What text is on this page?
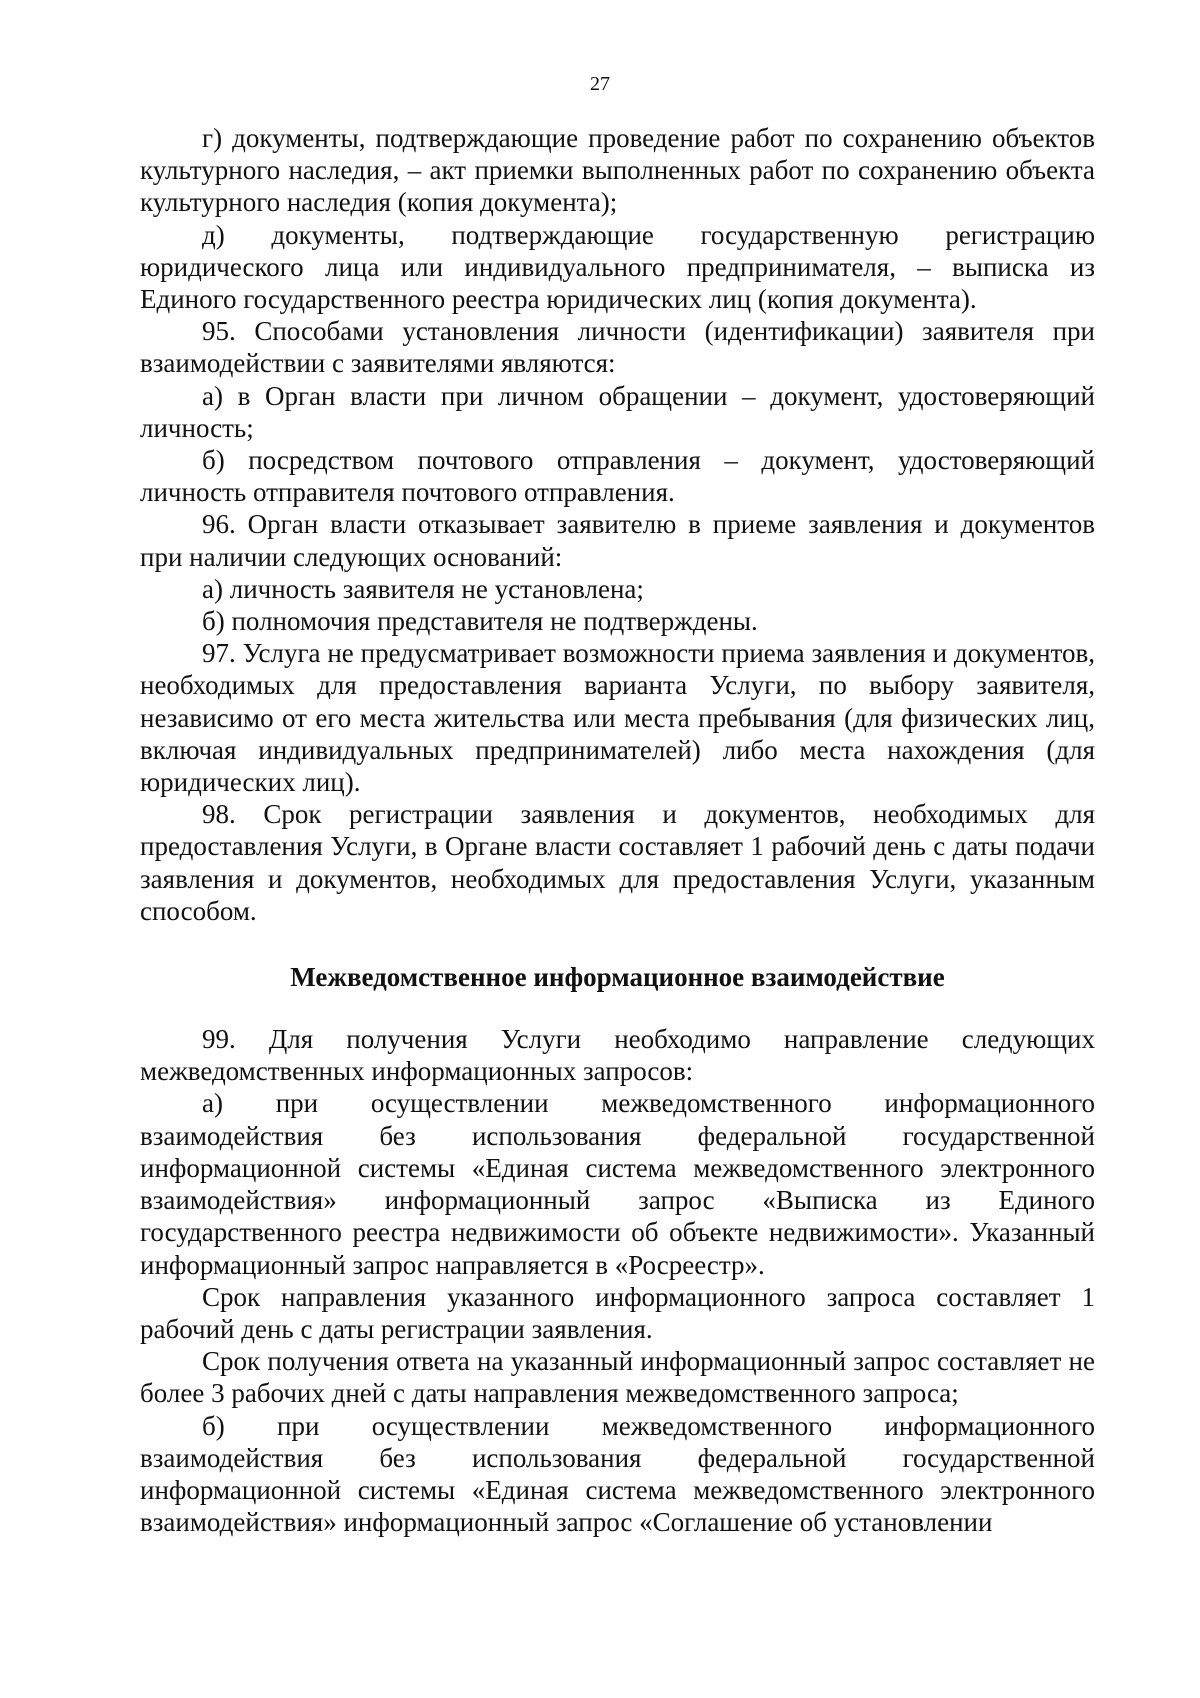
27

г) документы, подтверждающие проведение работ по сохранению объектов культурного наследия, – акт приемки выполненных работ по сохранению объекта культурного наследия (копия документа);

д) документы, подтверждающие государственную регистрацию юридического лица или индивидуального предпринимателя, – выписка из Единого государственного реестра юридических лиц (копия документа).

95. Способами установления личности (идентификации) заявителя при взаимодействии с заявителями являются:

а) в Орган власти при личном обращении – документ, удостоверяющий личность;

б) посредством почтового отправления – документ, удостоверяющий личность отправителя почтового отправления.

96. Орган власти отказывает заявителю в приеме заявления и документов при наличии следующих оснований:

а) личность заявителя не установлена;

б) полномочия представителя не подтверждены.

97. Услуга не предусматривает возможности приема заявления и документов, необходимых для предоставления варианта Услуги, по выбору заявителя, независимо от его места жительства или места пребывания (для физических лиц, включая индивидуальных предпринимателей) либо места нахождения (для юридических лиц).

98. Срок регистрации заявления и документов, необходимых для предоставления Услуги, в Органе власти составляет 1 рабочий день с даты подачи заявления и документов, необходимых для предоставления Услуги, указанным способом.

Межведомственное информационное взаимодействие

99. Для получения Услуги необходимо направление следующих межведомственных информационных запросов:

а) при осуществлении межведомственного информационного взаимодействия без использования федеральной государственной информационной системы «Единая система межведомственного электронного взаимодействия» информационный запрос «Выписка из Единого государственного реестра недвижимости об объекте недвижимости». Указанный информационный запрос направляется в «Росреестр».

Срок направления указанного информационного запроса составляет 1 рабочий день с даты регистрации заявления.

Срок получения ответа на указанный информационный запрос составляет не более 3 рабочих дней с даты направления межведомственного запроса;

б) при осуществлении межведомственного информационного взаимодействия без использования федеральной государственной информационной системы «Единая система межведомственного электронного взаимодействия» информационный запрос «Соглашение об установлении
